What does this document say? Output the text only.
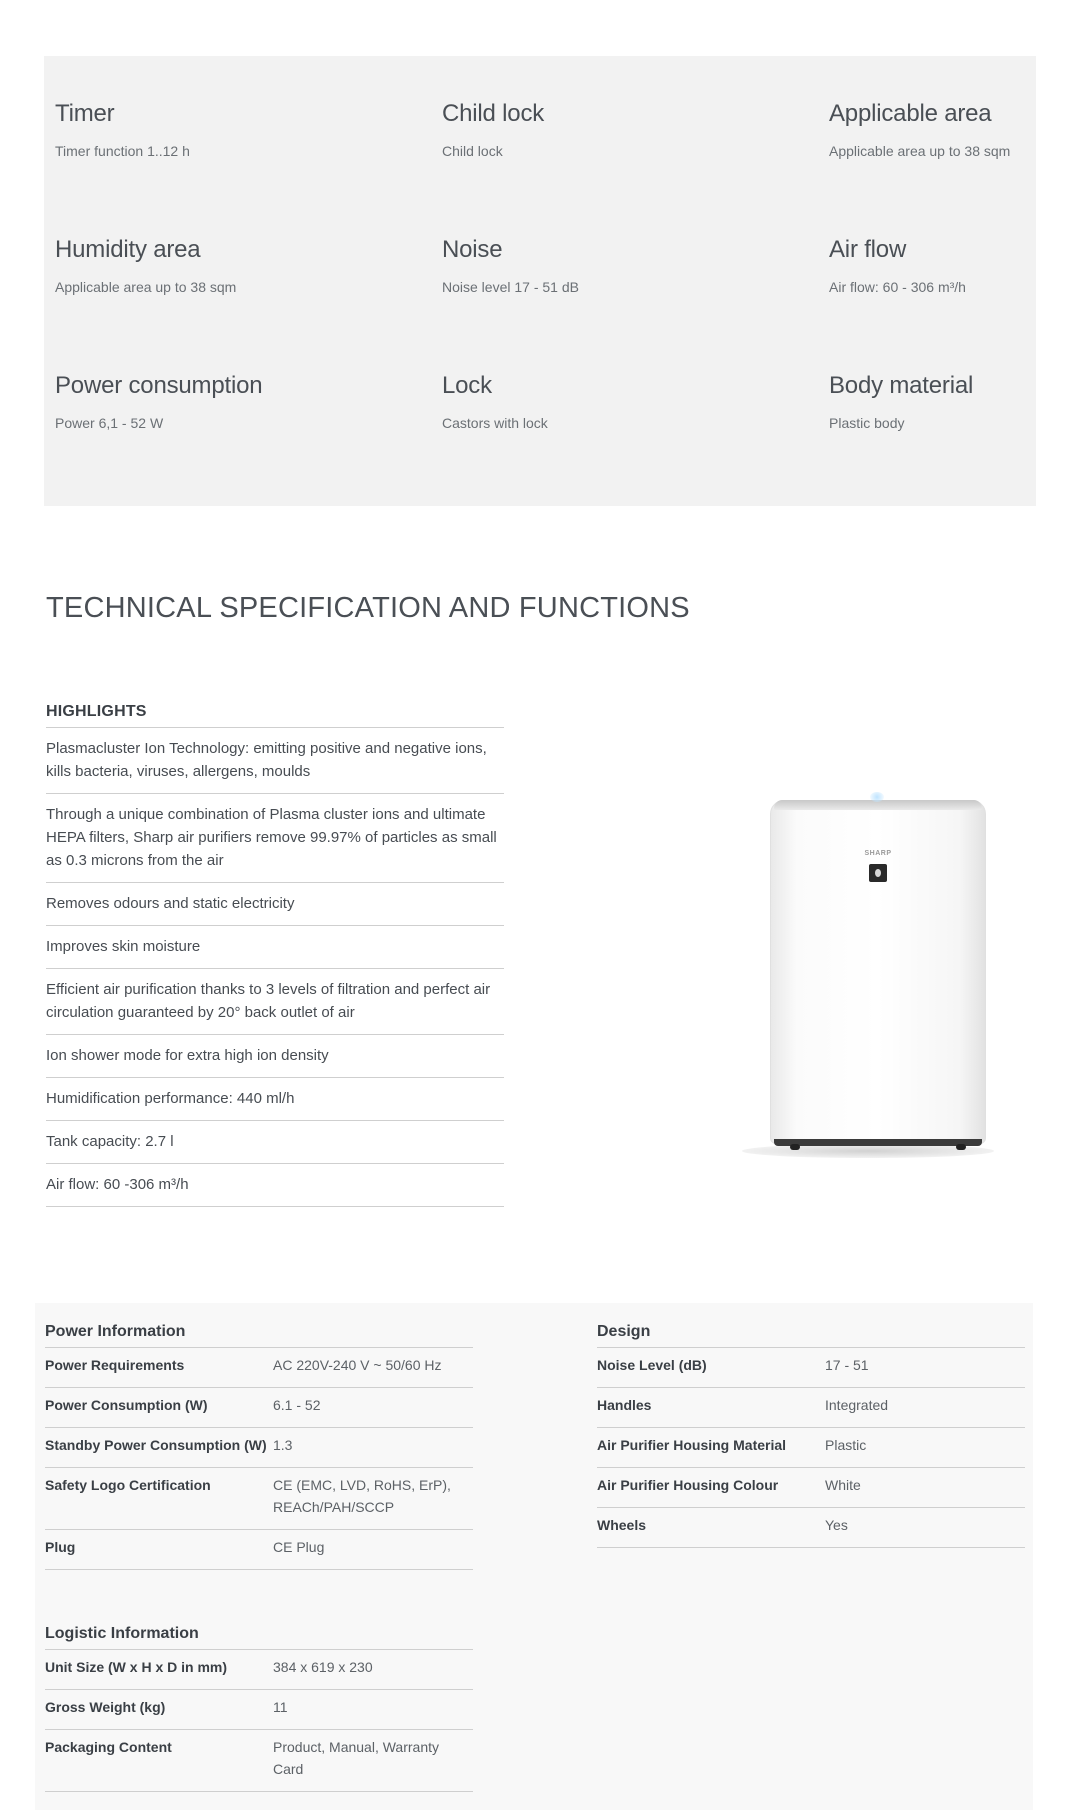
Timer
Timer function 1..12 h
Child lock
Child lock
Applicable area
Applicable area up to 38 sqm
Humidity area
Applicable area up to 38 sqm
Noise
Noise level 17 - 51 dB
Air flow
Air flow: 60 - 306 m³/h
Power consumption
Power 6,1 - 52 W
Lock
Castors with lock
Body material
Plastic body
TECHNICAL SPECIFICATION AND FUNCTIONS
HIGHLIGHTS
Plasmacluster Ion Technology: emitting positive and negative ions, kills bacteria, viruses, allergens, moulds
Through a unique combination of Plasma cluster ions and ultimate HEPA filters, Sharp air purifiers remove 99.97% of particles as small as 0.3 microns from the air
Removes odours and static electricity
Improves skin moisture
Efficient air purification thanks to 3 levels of filtration and perfect air circulation guaranteed by 20° back outlet of air
Ion shower mode for extra high ion density
Humidification performance: 440 ml/h
Tank capacity: 2.7 l
Air flow: 60 -306 m³/h
SHARP
Power Information
Power Requirements	AC 220V-240 V ~ 50/60 Hz
Power Consumption (W)	6.1 - 52
Standby Power Consumption (W) 1.3
Safety Logo Certification	CE (EMC, LVD, RoHS, ErP), REACh/PAH/SCCP
Plug	CE Plug
Design
Noise Level (dB)	17 - 51
Handles	Integrated
Air Purifier Housing Material	Plastic
Air Purifier Housing Colour	White
Wheels	Yes
Logistic Information
Unit Size (W x H x D in mm)	384 x 619 x 230
Gross Weight (kg)	11
Packaging Content	Product, Manual, Warranty Card
